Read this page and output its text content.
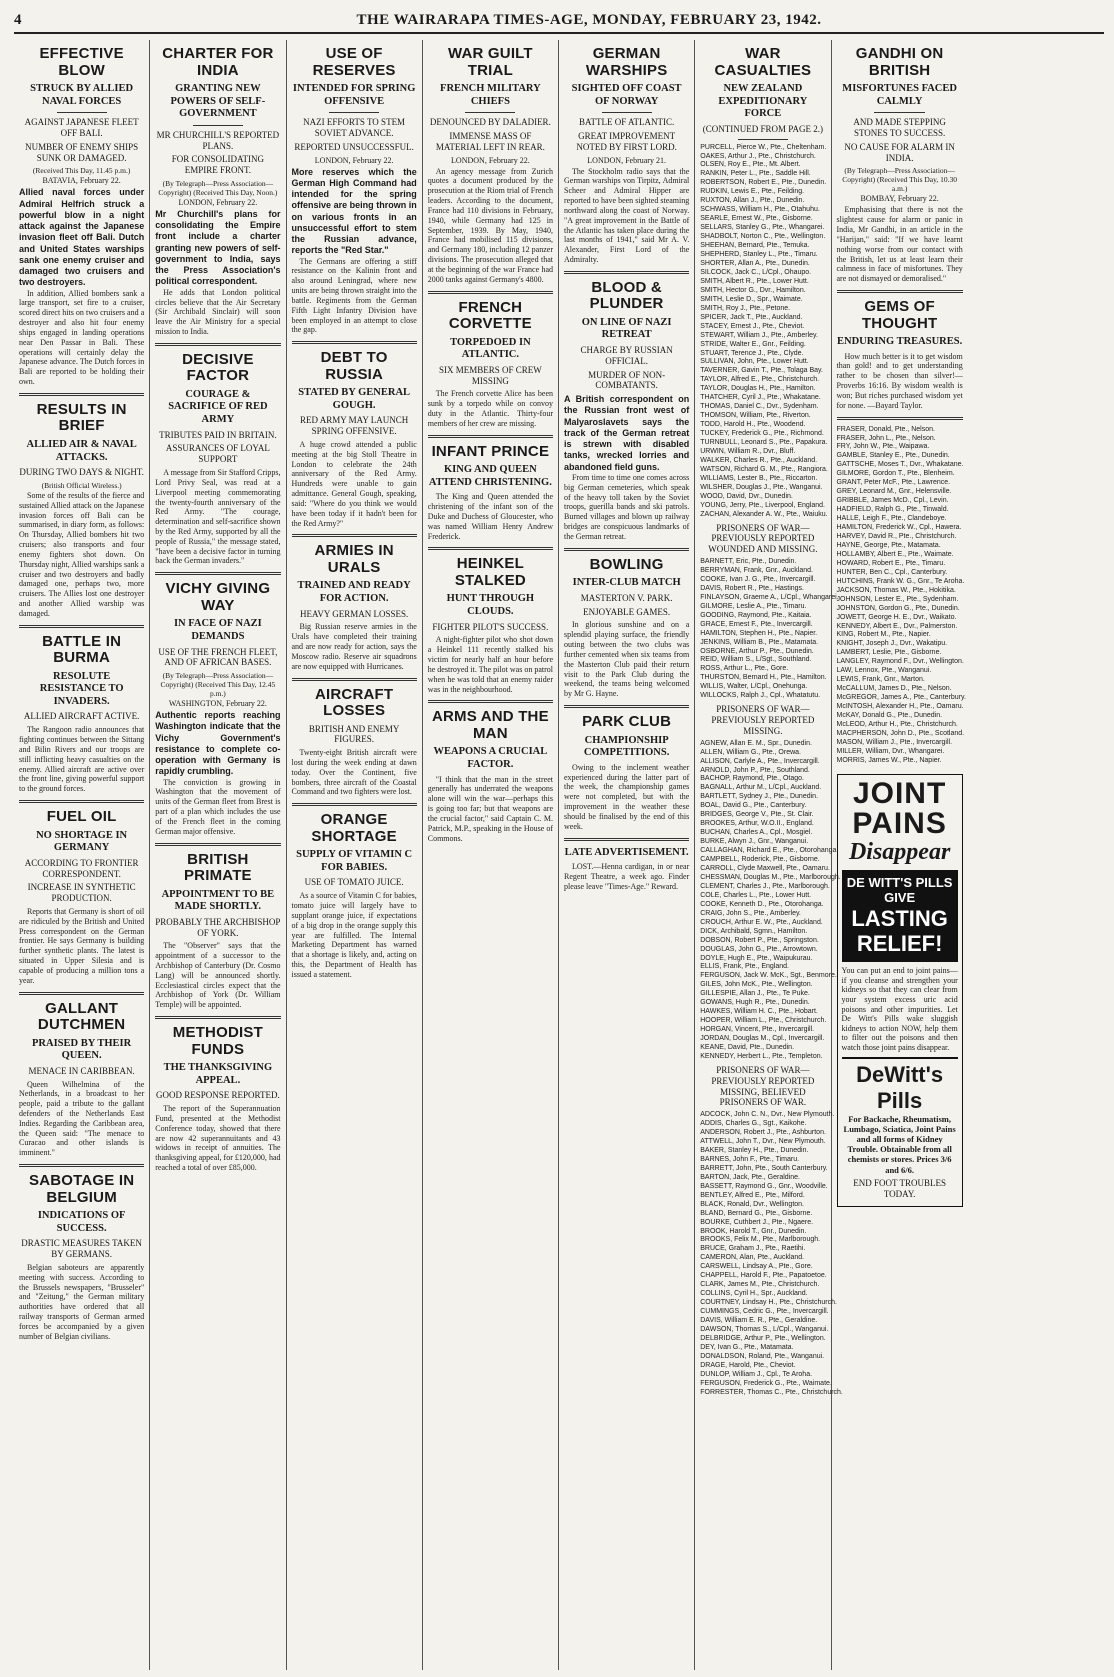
4	THE WAIRARAPA TIMES-AGE, MONDAY, FEBRUARY 23, 1942.
EFFECTIVE BLOW
STRUCK BY ALLIED NAVAL FORCES
AGAINST JAPANESE FLEET OFF BALI.
NUMBER OF ENEMY SHIPS SUNK OR DAMAGED.
(Received This Day, 11.45 p.m.)
BATAVIA, February 22.

Allied naval forces under Admiral Helfrich struck a powerful blow in a night attack against the Japanese invasion fleet off Bali. Dutch and United States warships sank one enemy cruiser and damaged two cruisers and two destroyers.

In addition, Allied bombers sank a large transport, set fire to a cruiser, scored direct hits on two cruisers and a destroyer and also hit four enemy ships engaged in landing operations near Den Passar in Bali. These operations will certainly delay the Japanese advance. The Dutch forces in Bali are reported to be holding their own.

RESULTS IN BRIEF
ALLIED AIR & NAVAL ATTACKS.
DURING TWO DAYS & NIGHT.
(British Official Wireless.)

Some of the results of the fierce and sustained Allied attack on the Japanese invasion forces off Bali can be summarised, in diary form, as follows: On Thursday, Allied bombers hit two cruisers; also transports and four enemy fighters shot down. On Thursday night, Allied warships sank a cruiser and two destroyers and badly damaged one, perhaps two, more cruisers. The Allies lost one destroyer and another Allied warship was damaged.

BATTLE IN BURMA
RESOLUTE RESISTANCE TO INVADERS.
ALLIED AIRCRAFT ACTIVE.

The Rangoon radio announces that fighting continues between the Sittang and Bilin Rivers and our troops are still inflicting heavy casualties on the enemy. Allied aircraft are active over the front line, giving powerful support to the ground forces.

FUEL OIL
NO SHORTAGE IN GERMANY
ACCORDING TO FRONTIER CORRESPONDENT.
INCREASE IN SYNTHETIC PRODUCTION.

Reports that Germany is short of oil are ridiculed by the British and United Press correspondent on the German frontier. He says Germany is building further synthetic plants. The latest is situated in Upper Silesia and is capable of producing a million tons a year.

GALLANT DUTCHMEN
PRAISED BY THEIR QUEEN.
MENACE IN CARIBBEAN.

Queen Wilhelmina of the Netherlands, in a broadcast to her people, paid a tribute to the gallant defenders of the Netherlands East Indies. Regarding the Caribbean area, the Queen said: "The menace to Curacao and other islands is imminent."

SABOTAGE IN BELGIUM
INDICATIONS OF SUCCESS.
DRASTIC MEASURES TAKEN BY GERMANS.

Belgian saboteurs are apparently meeting with success. According to the Brussels newspapers, "Brusseler" and "Zeitung," the German military authorities have ordered that all railway transports of German armed forces be accompanied by a given number of Belgian civilians.

CHARTER FOR INDIA
GRANTING NEW POWERS OF SELF-GOVERNMENT
MR CHURCHILL'S REPORTED PLANS.
FOR CONSOLIDATING EMPIRE FRONT.
(By Telegraph—Press Association—Copyright) (Received This Day, Noon.)
LONDON, February 22.

Mr Churchill's plans for consolidating the Empire front include a charter granting new powers of self-government to India, says the Press Association's political correspondent.

He adds that London political circles believe that the Air Secretary (Sir Archibald Sinclair) will soon leave the Air Ministry for a special mission to India.

DECISIVE FACTOR
COURAGE & SACRIFICE OF RED ARMY
TRIBUTES PAID IN BRITAIN.
ASSURANCES OF LOYAL SUPPORT

A message from Sir Stafford Cripps, Lord Privy Seal, was read at a Liverpool meeting commemorating the twenty-fourth anniversary of the Red Army. "The courage, determination and self-sacrifice shown by the Red Army, supported by all the people of Russia," the message stated, "have been a decisive factor in turning back the German invaders."

VICHY GIVING WAY
IN FACE OF NAZI DEMANDS
USE OF THE FRENCH FLEET, AND OF AFRICAN BASES.
(By Telegraph—Press Association—Copyright) (Received This Day, 12.45 p.m.)
WASHINGTON, February 22.

Authentic reports reaching Washington indicate that the Vichy Government's resistance to complete co-operation with Germany is rapidly crumbling.

The conviction is growing in Washington that the movement of units of the German fleet from Brest is part of a plan which includes the use of the French fleet in the coming German major offensive.

BRITISH PRIMATE
APPOINTMENT TO BE MADE SHORTLY.
PROBABLY THE ARCHBISHOP OF YORK.

The "Observer" says that the appointment of a successor to the Archbishop of Canterbury (Dr. Cosmo Lang) will be announced shortly. Ecclesiastical circles expect that the Archbishop of York (Dr. William Temple) will be appointed.

METHODIST FUNDS
THE THANKSGIVING APPEAL.
GOOD RESPONSE REPORTED.

The report of the Superannuation Fund, presented at the Methodist Conference today, showed that there are now 42 superannuitants and 43 widows in receipt of annuities. The thanksgiving appeal, for £120,000, had reached a total of over £85,000.

USE OF RESERVES
INTENDED FOR SPRING OFFENSIVE
NAZI EFFORTS TO STEM SOVIET ADVANCE.
REPORTED UNSUCCESSFUL.
LONDON, February 22.

More reserves which the German High Command had intended for the spring offensive are being thrown in on various fronts in an unsuccessful effort to stem the Russian advance, reports the "Red Star."

The Germans are offering a stiff resistance on the Kalinin front and also around Leningrad, where new units are being thrown straight into the battle. Regiments from the German Fifth Light Infantry Division have been employed in an attempt to close the gap.

DEBT TO RUSSIA
STATED BY GENERAL GOUGH.
RED ARMY MAY LAUNCH SPRING OFFENSIVE.

A huge crowd attended a public meeting at the big Stoll Theatre in London to celebrate the 24th anniversary of the Red Army. Hundreds were unable to gain admittance. General Gough, speaking, said: "Where do you think we would have been today if it hadn't been for the Red Army?"

ARMIES IN URALS
TRAINED AND READY FOR ACTION.
HEAVY GERMAN LOSSES.

Big Russian reserve armies in the Urals have completed their training and are now ready for action, says the Moscow radio. Reserve air squadrons are now equipped with Hurricanes.

AIRCRAFT LOSSES
BRITISH AND ENEMY FIGURES.

Twenty-eight British aircraft were lost during the week ending at dawn today. Over the Continent, five bombers, three aircraft of the Coastal Command and two fighters were lost.

ORANGE SHORTAGE
SUPPLY OF VITAMIN C FOR BABIES.
USE OF TOMATO JUICE.

As a source of Vitamin C for babies, tomato juice will largely have to supplant orange juice, if expectations of a big drop in the orange supply this year are fulfilled. The Internal Marketing Department has warned that a shortage is likely, and, acting on this, the Department of Health has issued a statement.

WAR GUILT TRIAL
FRENCH MILITARY CHIEFS
DENOUNCED BY DALADIER.
IMMENSE MASS OF MATERIAL LEFT IN REAR.
LONDON, February 22.

An agency message from Zurich quotes a document produced by the prosecution at the Riom trial of French leaders. According to the document, France had 110 divisions in February, 1940, while Germany had 125 in September, 1939. By May, 1940, France had mobilised 115 divisions, and Germany 180, including 12 panzer divisions. The prosecution alleged that at the beginning of the war France had 2000 tanks against Germany's 4800.

FRENCH CORVETTE
TORPEDOED IN ATLANTIC.
SIX MEMBERS OF CREW MISSING

The French corvette Alice has been sunk by a torpedo while on convoy duty in the Atlantic. Thirty-four members of her crew are missing.

INFANT PRINCE
KING AND QUEEN ATTEND CHRISTENING.

The King and Queen attended the christening of the infant son of the Duke and Duchess of Gloucester, who was named William Henry Andrew Frederick.

HEINKEL STALKED
HUNT THROUGH CLOUDS.
FIGHTER PILOT'S SUCCESS.

A night-fighter pilot who shot down a Heinkel 111 recently stalked his victim for nearly half an hour before he destroyed it. The pilot was on patrol when he was told that an enemy raider was in the neighbourhood.

ARMS AND THE MAN
WEAPONS A CRUCIAL FACTOR.

"I think that the man in the street generally has underrated the weapons alone will win the war—perhaps this is going too far; but that weapons are the crucial factor," said Captain C. M. Patrick, M.P., speaking in the House of Commons.

GERMAN WARSHIPS
SIGHTED OFF COAST OF NORWAY
BATTLE OF ATLANTIC.
GREAT IMPROVEMENT NOTED BY FIRST LORD.
LONDON, February 21.

The Stockholm radio says that the German warships von Tirpitz, Admiral Scheer and Admiral Hipper are reported to have been sighted steaming northward along the coast of Norway. "A great improvement in the Battle of the Atlantic has taken place during the last months of 1941," said Mr A. V. Alexander, First Lord of the Admiralty.

BLOOD & PLUNDER
ON LINE OF NAZI RETREAT
CHARGE BY RUSSIAN OFFICIAL.
MURDER OF NON-COMBATANTS.

A British correspondent on the Russian front west of Malyaroslavets says the track of the German retreat is strewn with disabled tanks, wrecked lorries and abandoned field guns.

From time to time one comes across big German cemeteries, which speak of the heavy toll taken by the Soviet troops, guerilla bands and ski patrols. Burned villages and blown up railway bridges are conspicuous landmarks of the German retreat.

BOWLING
INTER-CLUB MATCH
MASTERTON V. PARK.
ENJOYABLE GAMES.

In glorious sunshine and on a splendid playing surface, the friendly outing between the two clubs was further cemented when six teams from the Masterton Club paid their return visit to the Park Club during the weekend, the teams being welcomed by Mr G. Hayne.

PARK CLUB
CHAMPIONSHIP COMPETITIONS.

Owing to the inclement weather experienced during the latter part of the week, the championship games were not completed, but with the improvement in the weather these should be finalised by the end of this week.

LATE ADVERTISEMENT.

LOST.—Henna cardigan, in or near Regent Theatre, a week ago. Finder please leave "Times-Age." Reward.

WAR CASUALTIES
NEW ZEALAND EXPEDITIONARY FORCE
(CONTINUED FROM PAGE 2.)
PURCELL, Pierce W., Pte., Cheltenham.
OAKES, Arthur J., Pte., Christchurch.
OLSEN, Roy E., Pte., Mt. Albert.
RANKIN, Peter L., Pte., Saddle Hill.
ROBERTSON, Robert E., Pte., Dunedin.
RUDKIN, Lewis E., Pte., Feilding.
RUXTON, Allan J., Pte., Dunedin.
SCHWASS, William H., Pte., Otahuhu.
SEARLE, Ernest W., Pte., Gisborne.
SELLARS, Stanley G., Pte., Whangarei.
SHADBOLT, Norton C., Pte., Wellington.
SHEEHAN, Bernard, Pte., Temuka.
SHEPHERD, Stanley L., Pte., Timaru.
SHORTER, Allan A., Pte., Dunedin.
SILCOCK, Jack C., L/Cpl., Ohaupo.
SMITH, Albert R., Pte., Lower Hutt.
SMITH, Hector G., Dvr., Hamilton.
SMITH, Leslie D., Spr., Waimate.
SMITH, Roy J., Pte., Petone.
SPICER, Jack T., Pte., Auckland.
STACEY, Ernest J., Pte., Cheviot.
STEWART, William J., Pte., Amberley.
STRIDE, Walter E., Gnr., Feilding.
STUART, Terence J., Pte., Clyde.
SULLIVAN, John, Pte., Lower Hutt.
TAVERNER, Gavin T., Pte., Tolaga Bay.
TAYLOR, Alfred E., Pte., Christchurch.
TAYLOR, Douglas H., Pte., Hamilton.
THATCHER, Cyril J., Pte., Whakatane.
THOMAS, Daniel C., Dvr., Sydenham.
THOMSON, William, Pte., Riverton.
TODD, Harold H., Pte., Woodend.
TUCKEY, Frederick G., Pte., Richmond.
TURNBULL, Leonard S., Pte., Papakura.
URWIN, William R., Dvr., Bluff.
WALKER, Charles R., Pte., Auckland.
WATSON, Richard G. M., Pte., Rangiora.
WILLIAMS, Lester B., Pte., Riccarton.
WILSHER, Douglas J., Pte., Wanganui.
WOOD, David, Dvr., Dunedin.
YOUNG, Jerry, Pte., Liverpool, England.
ZACHAN, Alexander A. W., Pte., Waiuku.
PRISONERS OF WAR—PREVIOUSLY REPORTED WOUNDED AND MISSING.
BARNETT, Eric, Pte., Dunedin.
BERRYMAN, Frank, Gnr., Auckland.
COOKE, Ivan J. G., Pte., Invercargill.
DAVIS, Robert R., Pte., Hastings.
FINLAYSON, Graeme A., L/Cpl., Whangarei.
GILMORE, Leslie A., Pte., Timaru.
GOODING, Raymond, Pte., Kaitaia.
GRACE, Ernest F., Pte., Invercargill.
HAMILTON, Stephen H., Pte., Napier.
JENKINS, William B., Pte., Matamata.
OSBORNE, Arthur P., Pte., Dunedin.
REID, William S., L/Sgt., Southland.
ROSS, Arthur L., Pte., Gore.
THURSTON, Bernard H., Pte., Hamilton.
WILLIS, Walter, L/Cpl., Onehunga.
WILLOCKS, Ralph J., Cpl., Whatatutu.
PRISONERS OF WAR—PREVIOUSLY REPORTED MISSING.
AGNEW, Allan E. M., Spr., Dunedin.
ALLEN, William G., Pte., Orewa.
ALLISON, Carlyle A., Pte., Invercargill.
ARNOLD, John P., Pte., Southland.
BACHOP, Raymond, Pte., Otago.
BAGNALL, Arthur M., L/Cpl., Auckland.
BARTLETT, Sydney J., Pte., Dunedin.
BOAL, David G., Pte., Canterbury.
BRIDGES, George V., Pte., St. Clair.
BROOKES, Arthur, W.O.II., England.
BUCHAN, Charles A., Cpl., Mosgiel.
BURKE, Alwyn J., Gnr., Wanganui.
CALLAGHAN, Richard E., Pte., Otorohanga.
CAMPBELL, Roderick, Pte., Gisborne.
CARROLL, Clyde Maxwell, Pte., Oamaru.
CHESSMAN, Douglas M., Pte., Marlborough.
CLEMENT, Charles J., Pte., Marlborough.
COLE, Charles L., Pte., Lower Hutt.
COOKE, Kenneth D., Pte., Otorohanga.
CRAIG, John S., Pte., Amberley.
CROUCH, Arthur E. W., Pte., Auckland.
DICK, Archibald, Sgmn., Hamilton.
DOBSON, Robert P., Pte., Springston.
DOUGLAS, John G., Pte., Arrowtown.
DOYLE, Hugh E., Pte., Waipukurau.
ELLIS, Frank, Pte., England.
FERGUSON, Jack W. McK., Sgt., Benmore.
GILES, John McK., Pte., Wellington.
GILLESPIE, Allan J., Pte., Te Puke.
GOWANS, Hugh R., Pte., Dunedin.
HAWKES, William H. C., Pte., Hobart.
HOOPER, William L., Pte., Christchurch.
HORGAN, Vincent, Pte., Invercargill.
JORDAN, Douglas M., Cpl., Invercargill.
KEANE, David, Pte., Dunedin.
KENNEDY, Herbert L., Pte., Templeton.
PRISONERS OF WAR—PREVIOUSLY REPORTED MISSING, BELIEVED PRISONERS OF WAR.
ADCOCK, John C. N., Dvr., New Plymouth.
ADDIS, Charles G., Sgt., Kaikohe.
ANDERSON, Robert J., Pte., Ashburton.
ATTWELL, John T., Dvr., New Plymouth.
BAKER, Stanley H., Pte., Dunedin.
BARNES, John F., Pte., Timaru.
BARRETT, John, Pte., South Canterbury.
BARTON, Jack, Pte., Geraldine.
BASSETT, Raymond G., Gnr., Woodville.
BENTLEY, Alfred E., Pte., Milford.
BLACK, Ronald, Dvr., Wellington.
BLAND, Bernard G., Pte., Gisborne.
BOURKE, Cuthbert J., Pte., Ngaere.
BROOK, Harold T., Gnr., Dunedin.
BROOKS, Felix M., Pte., Marlborough.
BRUCE, Graham J., Pte., Raetihi.
CAMERON, Alan, Pte., Auckland.
CARSWELL, Lindsay A., Pte., Gore.
CHAPPELL, Harold F., Pte., Papatoetoe.
CLARK, James M., Pte., Christchurch.
COLLINS, Cyril H., Spr., Auckland.
COURTNEY, Lindsay H., Pte., Christchurch.
CUMMINGS, Cedric G., Pte., Invercargill.
DAVIS, William E. R., Pte., Geraldine.
DAWSON, Thomas S., L/Cpl., Wanganui.
DELBRIDGE, Arthur P., Pte., Wellington.
DEY, Ivan G., Pte., Matamata.
DONALDSON, Roland, Pte., Wanganui.
DRAGE, Harold, Pte., Cheviot.
DUNLOP, William J., Cpl., Te Aroha.
FERGUSON, Frederick G., Pte., Waimate.
FORRESTER, Thomas C., Pte., Christchurch.
GANDHI ON BRITISH
MISFORTUNES FACED CALMLY
AND MADE STEPPING STONES TO SUCCESS.
NO CAUSE FOR ALARM IN INDIA.
(By Telegraph—Press Association—Copyright) (Received This Day, 10.30 a.m.)
BOMBAY, February 22.

Emphasising that there is not the slightest cause for alarm or panic in India, Mr Gandhi, in an article in the "Harijan," said: "If we have learnt nothing worse from our contact with the British, let us at least learn their calmness in face of misfortunes. They are not dismayed or demoralised."

GEMS OF THOUGHT
ENDURING TREASURES.

How much better is it to get wisdom than gold! and to get understanding rather to be chosen than silver!—Proverbs 16:16. By wisdom wealth is won; But riches purchased wisdom yet for none. —Bayard Taylor.

FRASER, Donald, Pte., Nelson.
FRASER, John L., Pte., Nelson.
FRY, John W., Pte., Waipawa.
GAMBLE, Stanley E., Pte., Dunedin.
GATTSCHE, Moses T., Dvr., Whakatane.
GILMORE, Gordon T., Pte., Blenheim.
GRANT, Peter McF., Pte., Lawrence.
GREY, Leonard M., Gnr., Helensville.
GRIBBLE, James McD., Cpl., Levin.
HADFIELD, Ralph G., Pte., Tinwald.
HALLE, Leigh F., Pte., Clandeboye.
HAMILTON, Frederick W., Cpl., Hawera.
HARVEY, David R., Pte., Christchurch.
HAYNE, George, Pte., Matamata.
HOLLAMBY, Albert E., Pte., Waimate.
HOWARD, Robert E., Pte., Timaru.
HUNTER, Ben C., Cpl., Canterbury.
HUTCHINS, Frank W. G., Gnr., Te Aroha.
JACKSON, Thomas W., Pte., Hokitika.
JOHNSON, Lester E., Pte., Sydenham.
JOHNSTON, Gordon G., Pte., Dunedin.
JOWETT, George H. E., Dvr., Waikato.
KENNEDY, Albert E., Dvr., Palmerston.
KING, Robert M., Pte., Napier.
KNIGHT, Joseph J., Dvr., Wakatipu.
LAMBERT, Leslie, Pte., Gisborne.
LANGLEY, Raymond F., Dvr., Wellington.
LAW, Lennox, Pte., Wanganui.
LEWIS, Frank, Gnr., Marton.
McCALLUM, James D., Pte., Nelson.
McGREGOR, James A., Pte., Canterbury.
McINTOSH, Alexander H., Pte., Oamaru.
McKAY, Donald G., Pte., Dunedin.
McLEOD, Arthur H., Pte., Christchurch.
MACPHERSON, John D., Pte., Scotland.
MASON, William J., Pte., Invercargill.
MILLER, William, Dvr., Whangarei.
MORRIS, James W., Pte., Napier.
JOINT PAINS
Disappear
DE WITT'S PILLS GIVE
LASTING RELIEF!

You can put an end to joint pains—if you cleanse and strengthen your kidneys so that they can clear from your system excess uric acid poisons and other impurities. Let De Witt's Pills wake sluggish kidneys to action NOW, help them to filter out the poisons and then watch those joint pains disappear.

DeWitt's Pills

For Backache, Rheumatism, Lumbago, Sciatica, Joint Pains and all forms of Kidney Trouble. Obtainable from all chemists or stores. Prices 3/6 and 6/6.

END FOOT TROUBLES TODAY.
